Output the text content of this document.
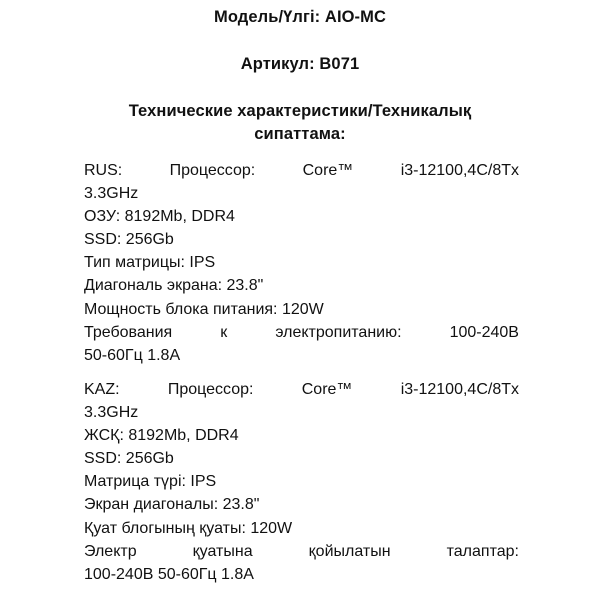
Модель/Үлгі: AIO-MC
Артикул: B071
Технические характеристики/Техникалық
сипаттама:
RUS:	Процессор:	Core™	i3-12100,4C/8Tx
3.3GHz
ОЗУ: 8192Mb, DDR4
SSD: 256Gb
Тип матрицы: IPS
Диагональ экрана: 23.8"
Мощность блока питания: 120W
Требования	к	электропитанию:	100-240В
50-60Гц 1.8А
KAZ:	Процессор:	Core™	i3-12100,4C/8Tx
3.3GHz
ЖСҚ: 8192Mb, DDR4
SSD: 256Gb
Матрица түрі: IPS
Экран диагоналы: 23.8"
Қуат блогының қуаты: 120W
Электр	қуатына	қойылатын	талаптар:
100-240В 50-60Гц 1.8А
